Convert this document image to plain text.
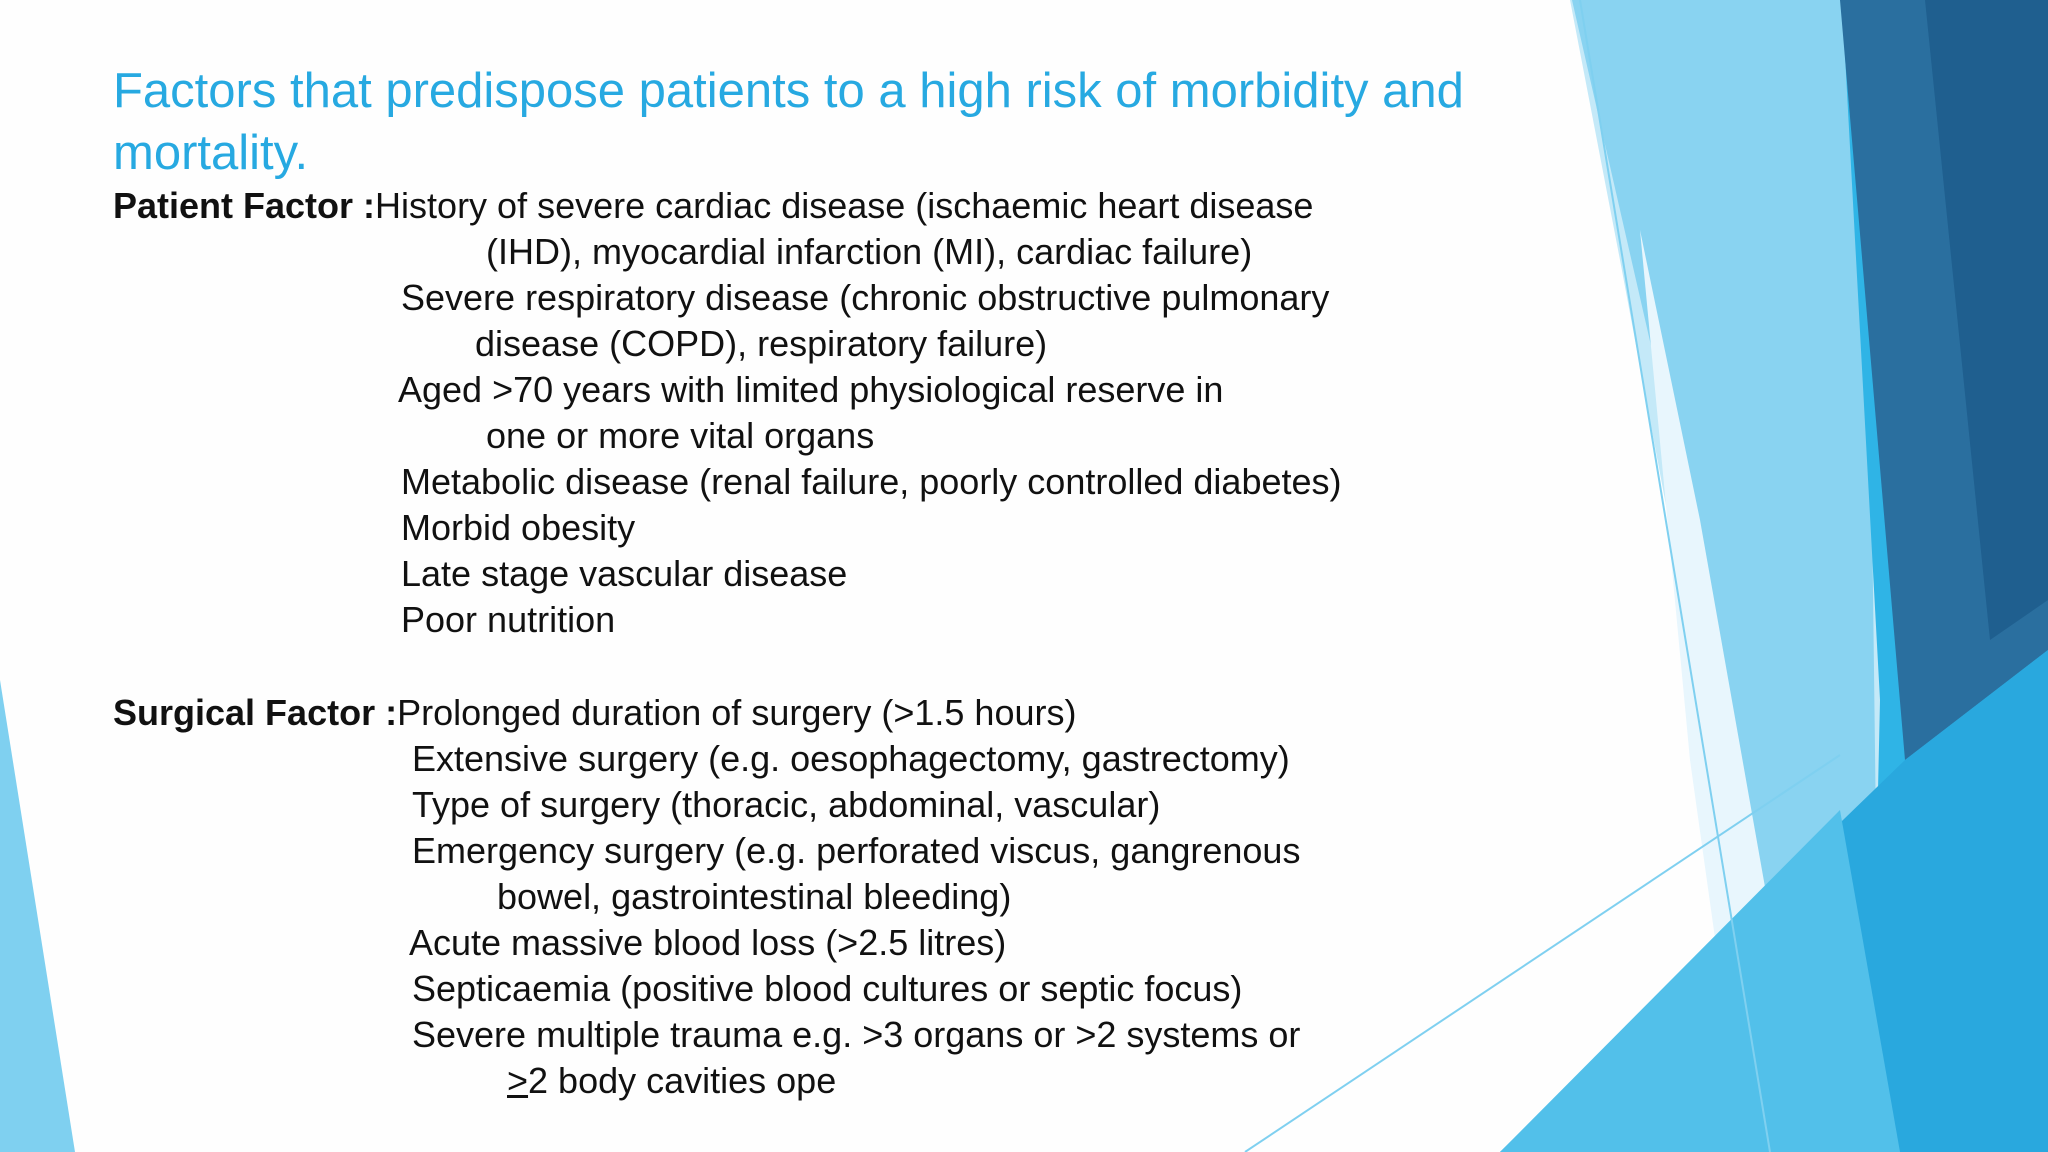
Factors that predispose patients to a high risk of morbidity and mortality.

Patient Factor :History of severe cardiac disease (ischaemic heart disease

(IHD), myocardial infarction (MI), cardiac failure)

Severe respiratory disease (chronic obstructive pulmonary

disease (COPD), respiratory failure)

Aged >70 years with limited physiological reserve in

one or more vital organs

Metabolic disease (renal failure, poorly controlled diabetes)

Morbid obesity

Late stage vascular disease

Poor nutrition

Surgical Factor :Prolonged duration of surgery (>1.5 hours)

Extensive surgery (e.g. oesophagectomy, gastrectomy)

Type of surgery (thoracic, abdominal, vascular)

Emergency surgery (e.g. perforated viscus, gangrenous

bowel, gastrointestinal bleeding)

Acute massive blood loss (>2.5 litres)

Septicaemia (positive blood cultures or septic focus)

Severe multiple trauma e.g. >3 organs or >2 systems or

≥2 body cavities ope
